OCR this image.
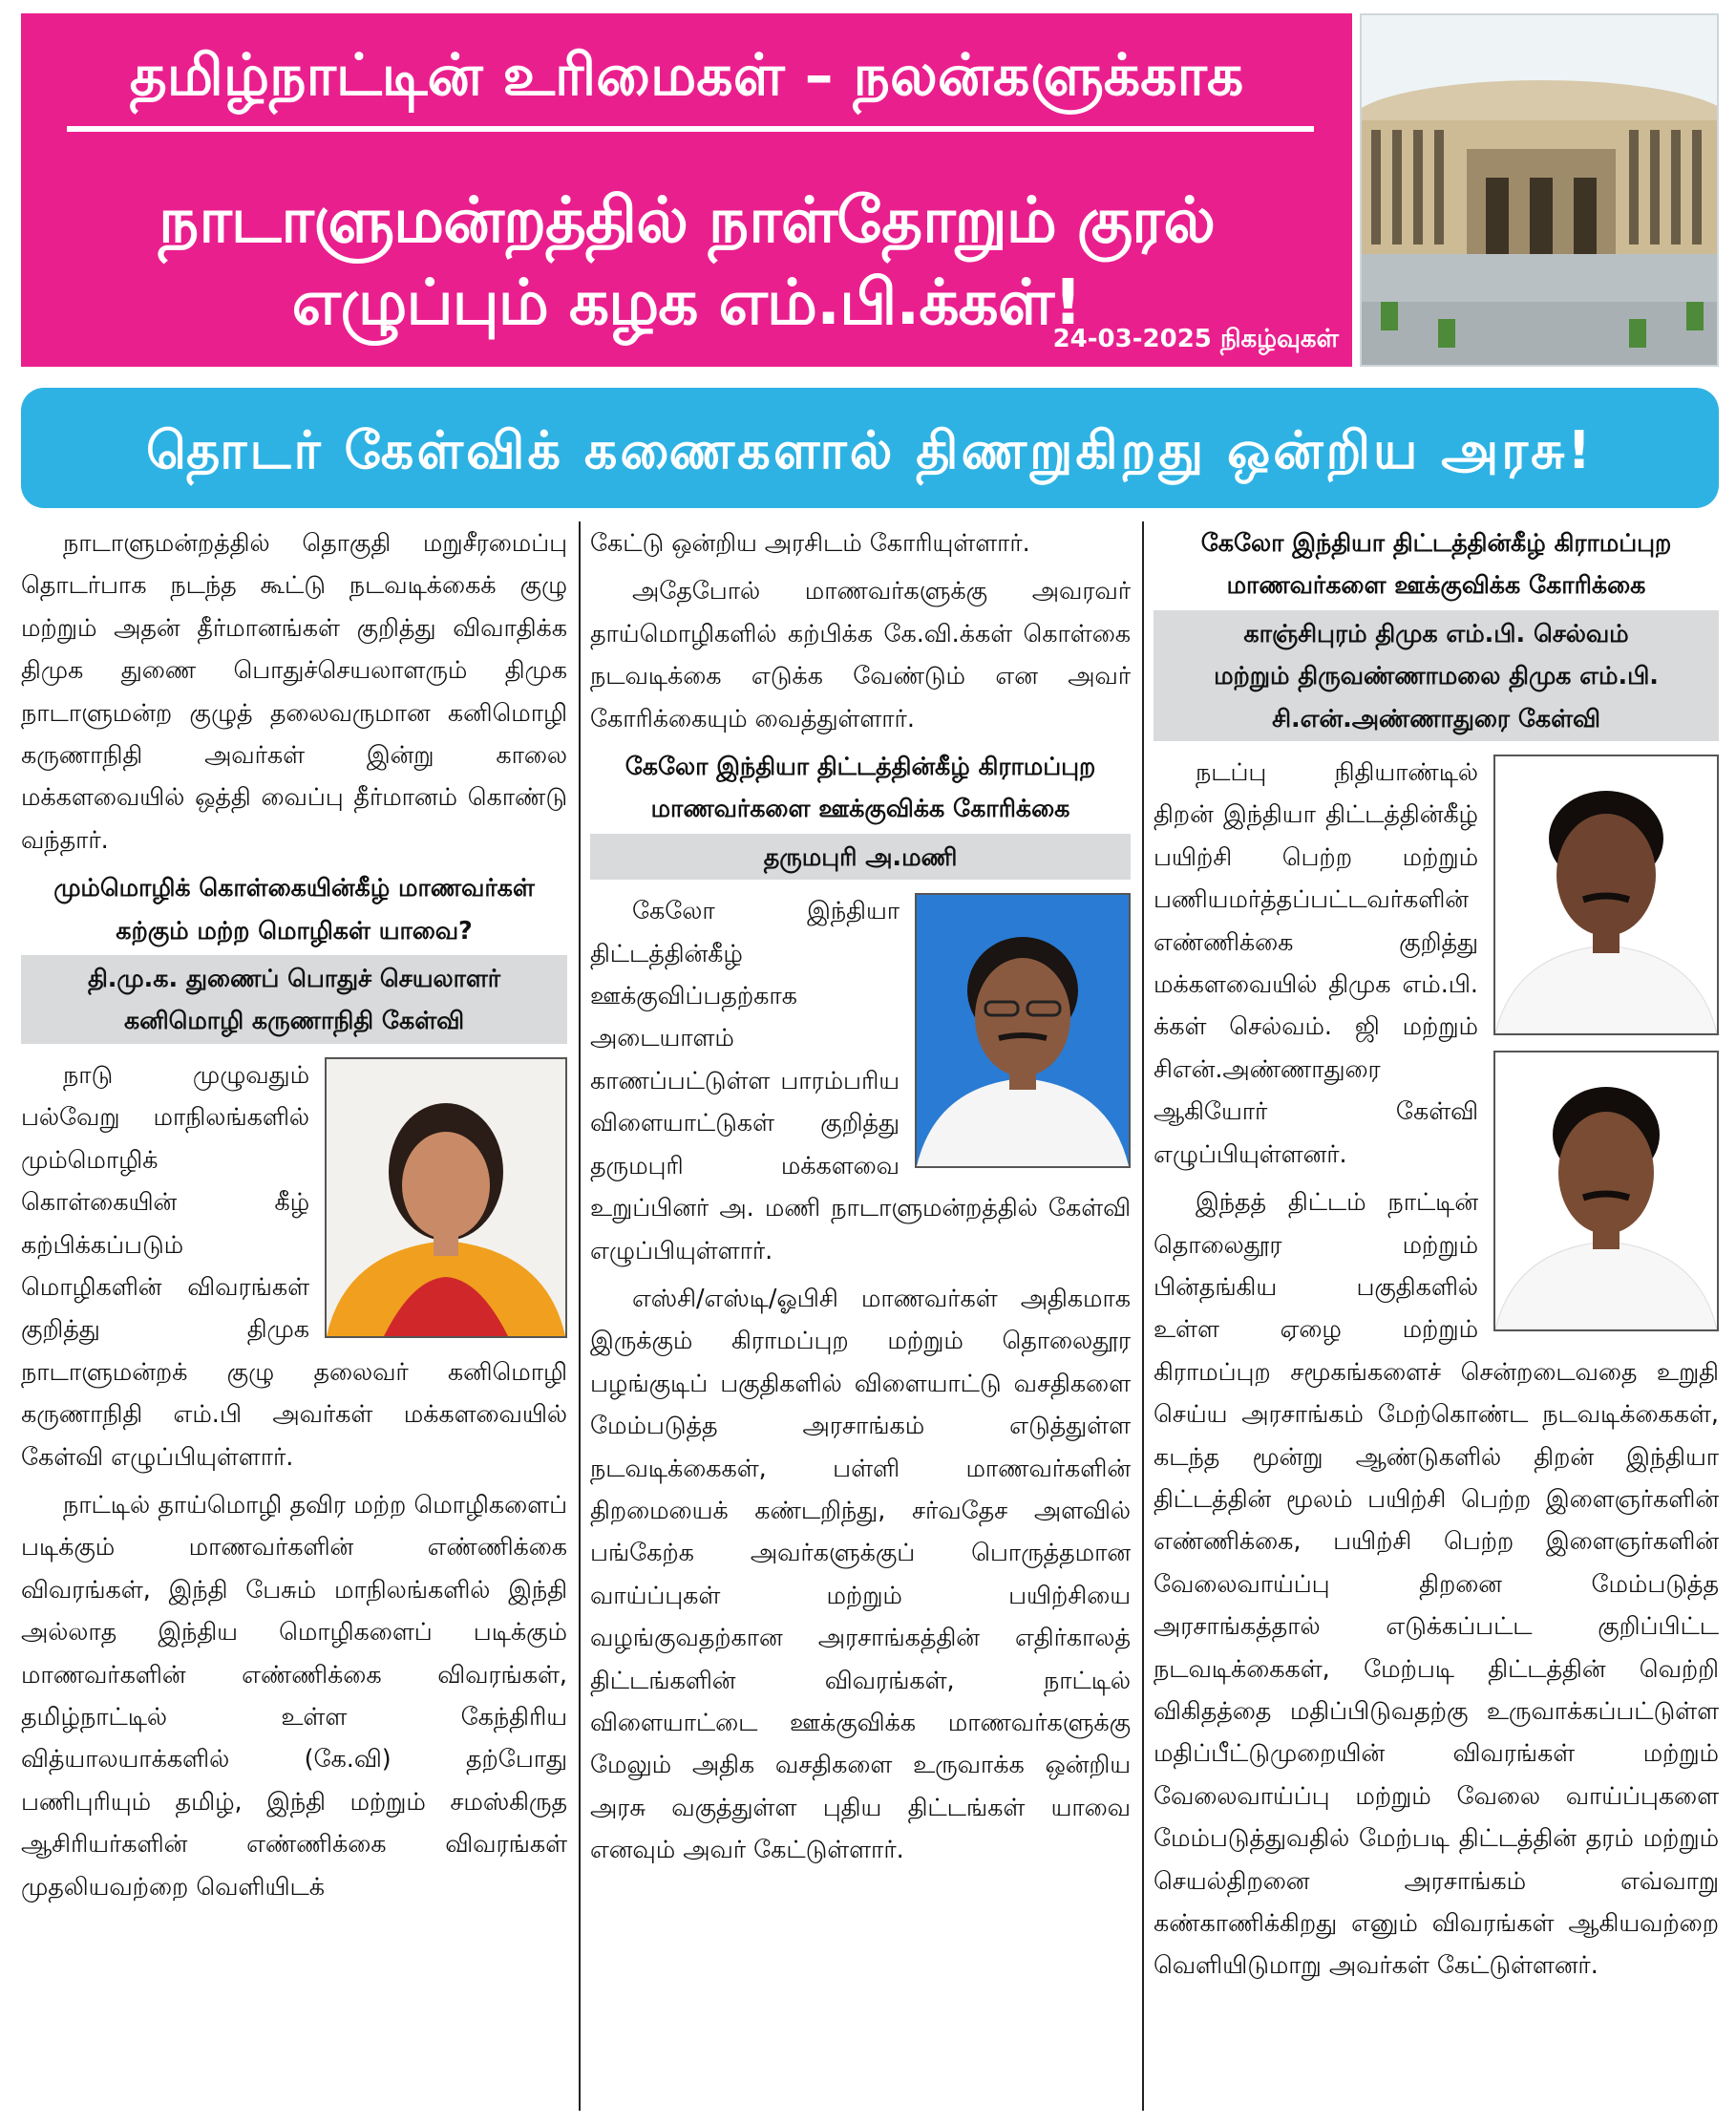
தமிழ்நாட்டின் உரிமைகள் – நலன்களுக்காக
நாடாளுமன்றத்தில் நாள்தோறும் குரல் எழுப்பும் கழக எம்.பி.க்கள்!
24-03-2025 நிகழ்வுகள்
தொடர் கேள்விக் கணைகளால் திணறுகிறது ஒன்றிய அரசு!

நாடாளுமன்றத்தில் தொகுதி மறுசீரமைப்பு தொடர்பாக நடந்த கூட்டு நடவடிக்கைக் குழு மற்றும் அதன் தீர்மானங்கள் குறித்து விவாதிக்க திமுக துணை பொதுச்செயலாளரும் திமுக நாடாளுமன்ற குழுத் தலைவருமான கனிமொழி கருணாநிதி அவர்கள் இன்று காலை மக்களவையில் ஒத்தி வைப்பு தீர்மானம் கொண்டு வந்தார்.

மும்மொழிக் கொள்கையின்கீழ் மாணவர்கள் கற்கும் மற்ற மொழிகள் யாவை?
தி.மு.க. துணைப் பொதுச் செயலாளர்
கனிமொழி கருணாநிதி கேள்வி

நாடு முழுவதும் பல்வேறு மாநிலங்களில் மும்மொழிக் கொள்கையின் கீழ் கற்பிக்கப்படும் மொழிகளின் விவரங்கள் குறித்து திமுக நாடாளுமன்றக் குழு தலைவர் கனிமொழி கருணாநிதி எம்.பி அவர்கள் மக்களவையில் கேள்வி எழுப்பியுள்ளார்.

நாட்டில் தாய்மொழி தவிர மற்ற மொழிகளைப் படிக்கும் மாணவர்களின் எண்ணிக்கை விவரங்கள், இந்தி பேசும் மாநிலங்களில் இந்தி அல்லாத இந்திய மொழிகளைப் படிக்கும் மாணவர்களின் எண்ணிக்கை விவரங்கள், தமிழ்நாட்டில் உள்ள கேந்திரிய வித்யாலயாக்களில் (கே.வி) தற்போது பணிபுரியும் தமிழ், இந்தி மற்றும் சமஸ்கிருத ஆசிரியர்களின் எண்ணிக்கை விவரங்கள் முதலியவற்றை வெளியிடக்

கேட்டு ஒன்றிய அரசிடம் கோரியுள்ளார்.

அதேபோல் மாணவர்களுக்கு அவரவர் தாய்மொழிகளில் கற்பிக்க கே.வி.க்கள் கொள்கை நடவடிக்கை எடுக்க வேண்டும் என அவர் கோரிக்கையும் வைத்துள்ளார்.

கேலோ இந்தியா திட்டத்தின்கீழ் கிராமப்புற மாணவர்களை ஊக்குவிக்க கோரிக்கை
தருமபுரி அ.மணி

கேலோ இந்தியா திட்டத்தின்கீழ் ஊக்குவிப்பதற்காக அடையாளம் காணப்பட்டுள்ள பாரம்பரிய விளையாட்டுகள் குறித்து தருமபுரி மக்களவை உறுப்பினர் அ. மணி நாடாளுமன்றத்தில் கேள்வி எழுப்பியுள்ளார்.

எஸ்சி/எஸ்டி/ஓபிசி மாணவர்கள் அதிகமாக இருக்கும் கிராமப்புற மற்றும் தொலைதூர பழங்குடிப் பகுதிகளில் விளையாட்டு வசதிகளை மேம்படுத்த அரசாங்கம் எடுத்துள்ள நடவடிக்கைகள், பள்ளி மாணவர்களின் திறமையைக் கண்டறிந்து, சர்வதேச அளவில் பங்கேற்க அவர்களுக்குப் பொருத்தமான வாய்ப்புகள் மற்றும் பயிற்சியை வழங்குவதற்கான அரசாங்கத்தின் எதிர்காலத் திட்டங்களின் விவரங்கள், நாட்டில் விளையாட்டை ஊக்குவிக்க மாணவர்களுக்கு மேலும் அதிக வசதிகளை உருவாக்க ஒன்றிய அரசு வகுத்துள்ள புதிய திட்டங்கள் யாவை எனவும் அவர் கேட்டுள்ளார்.

கேலோ இந்தியா திட்டத்தின்கீழ் கிராமப்புற மாணவர்களை ஊக்குவிக்க கோரிக்கை
காஞ்சிபுரம் திமுக எம்.பி. செல்வம்
மற்றும் திருவண்ணாமலை திமுக எம்.பி.
சி.என்.அண்ணாதுரை கேள்வி

நடப்பு நிதியாண்டில் திறன் இந்தியா திட்டத்தின்கீழ் பயிற்சி பெற்ற மற்றும் பணியமர்த்தப்பட்டவர்களின் எண்ணிக்கை குறித்து மக்களவையில் திமுக எம்.பி. க்கள் செல்வம். ஜி மற்றும் சிஎன்.அண்ணாதுரை ஆகியோர் கேள்வி எழுப்பியுள்ளனர்.

இந்தத் திட்டம் நாட்டின் தொலைதூர மற்றும் பின்தங்கிய பகுதிகளில் உள்ள ஏழை மற்றும் கிராமப்புற சமூகங்களைச் சென்றடைவதை உறுதி செய்ய அரசாங்கம் மேற்கொண்ட நடவடிக்கைகள், கடந்த மூன்று ஆண்டுகளில் திறன் இந்தியா திட்டத்தின் மூலம் பயிற்சி பெற்ற இளைஞர்களின் எண்ணிக்கை, பயிற்சி பெற்ற இளைஞர்களின் வேலைவாய்ப்பு திறனை மேம்படுத்த அரசாங்கத்தால் எடுக்கப்பட்ட குறிப்பிட்ட நடவடிக்கைகள், மேற்படி திட்டத்தின் வெற்றி விகிதத்தை மதிப்பிடுவதற்கு உருவாக்கப்பட்டுள்ள மதிப்பீட்டுமுறையின் விவரங்கள் மற்றும் வேலைவாய்ப்பு மற்றும் வேலை வாய்ப்புகளை மேம்படுத்துவதில் மேற்படி திட்டத்தின் தரம் மற்றும் செயல்திறனை அரசாங்கம் எவ்வாறு கண்காணிக்கிறது எனும் விவரங்கள் ஆகியவற்றை வெளியிடுமாறு அவர்கள் கேட்டுள்ளனர்.
